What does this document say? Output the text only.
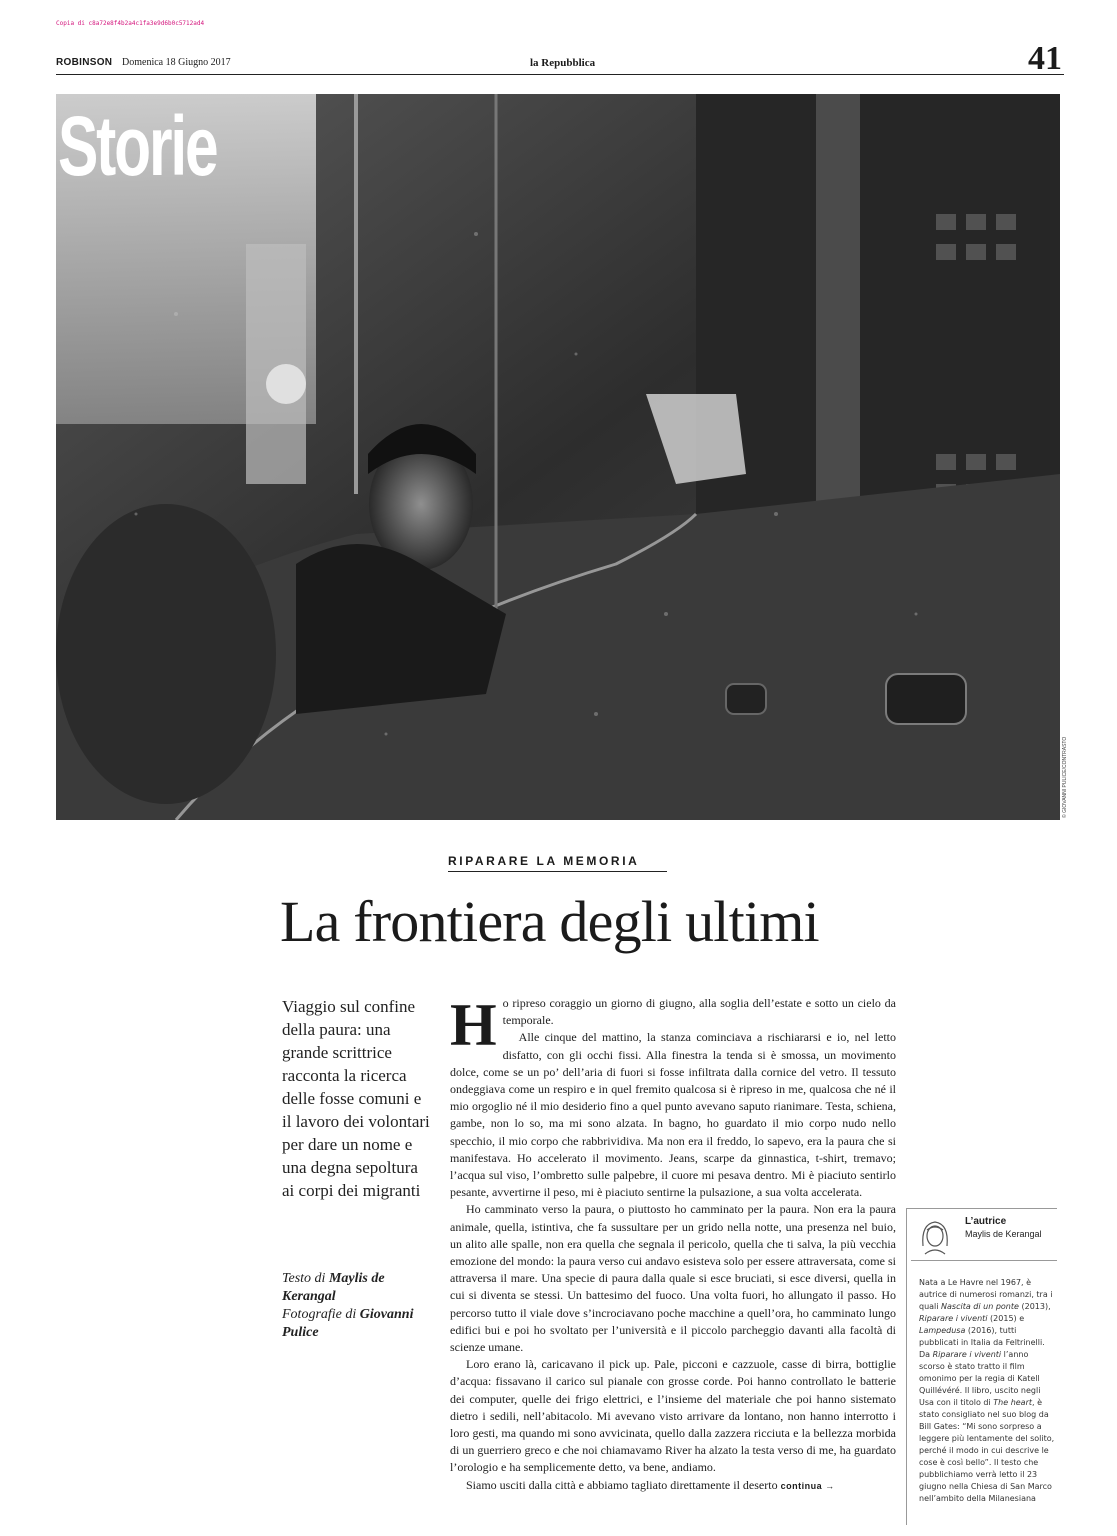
Copia di c8a72e8f4b2a4c1fa3e9d6b0c5712ad4
ROBINSON Domenica 18 Giugno 2017	la Repubblica	41
Storie
© GIOVANNI PULICE/CONTRASTO
RIPARARE LA MEMORIA
La frontiera degli ultimi

Viaggio sul confine della paura: una grande scrittrice racconta la ricerca delle fosse comuni e il lavoro dei volontari per dare un nome e una degna sepoltura ai corpi dei migranti

Testo di Maylis de Kerangal
Fotografie di Giovanni Pulice

Ho ripreso coraggio un giorno di giugno, alla soglia dell’estate e sotto un cielo da temporale.

Alle cinque del mattino, la stanza cominciava a rischiararsi e io, nel letto disfatto, con gli occhi fissi. Alla finestra la tenda si è smossa, un movimento dolce, come se un po’ dell’aria di fuori si fosse infiltrata dalla cornice del vetro. Il tessuto ondeggiava come un respiro e in quel fremito qualcosa si è ripreso in me, qualcosa che né il mio orgoglio né il mio desiderio fino a quel punto avevano saputo rianimare. Testa, schiena, gambe, non lo so, ma mi sono alzata. In bagno, ho guardato il mio corpo nudo nello specchio, il mio corpo che rabbrividiva. Ma non era il freddo, lo sapevo, era la paura che si manifestava. Ho accelerato il movimento. Jeans, scarpe da ginnastica, t-shirt, tremavo; l’acqua sul viso, l’ombretto sulle palpebre, il cuore mi pesava dentro. Mi è piaciuto sentirlo pesante, avvertirne il peso, mi è piaciuto sentirne la pulsazione, a sua volta accelerata.

Ho camminato verso la paura, o piuttosto ho camminato per la paura. Non era la paura animale, quella, istintiva, che fa sussultare per un grido nella notte, una presenza nel buio, un alito alle spalle, non era quella che segnala il pericolo, quella che ti salva, la più vecchia emozione del mondo: la paura verso cui andavo esisteva solo per essere attraversata, come si attraversa il mare. Una specie di paura dalla quale si esce bruciati, si esce diversi, quella in cui si diventa se stessi. Un battesimo del fuoco. Una volta fuori, ho allungato il passo. Ho percorso tutto il viale dove s’incrociavano poche macchine a quell’ora, ho camminato lungo edifici bui e poi ho svoltato per l’università e il piccolo parcheggio davanti alla facoltà di scienze umane.

Loro erano là, caricavano il pick up. Pale, picconi e cazzuole, casse di birra, bottiglie d’acqua: fissavano il carico sul pianale con grosse corde. Poi hanno controllato le batterie dei computer, quelle dei frigo elettrici, e l’insieme del materiale che poi hanno sistemato dietro i sedili, nell’abitacolo. Mi avevano visto arrivare da lontano, non hanno interrotto i loro gesti, ma quando mi sono avvicinata, quello dalla zazzera ricciuta e la bellezza morbida di un guerriero greco e che noi chiamavamo River ha alzato la testa verso di me, ha guardato l’orologio e ha semplicemente detto, va bene, andiamo.

Siamo usciti dalla città e abbiamo tagliato direttamente il deserto continua →

L’autrice
Maylis de Kerangal

Nata a Le Havre nel 1967, è autrice di numerosi romanzi, tra i quali Nascita di un ponte (2013), Riparare i viventi (2015) e Lampedusa (2016), tutti pubblicati in Italia da Feltrinelli. Da Riparare i viventi l’anno scorso è stato tratto il film omonimo per la regia di Katell Quillévéré. Il libro, uscito negli Usa con il titolo di The heart, è stato consigliato nel suo blog da Bill Gates: “Mi sono sorpreso a leggere più lentamente del solito, perché il modo in cui descrive le cose è così bello”. Il testo che pubblichiamo verrà letto il 23 giugno nella Chiesa di San Marco nell’ambito della Milanesiana
